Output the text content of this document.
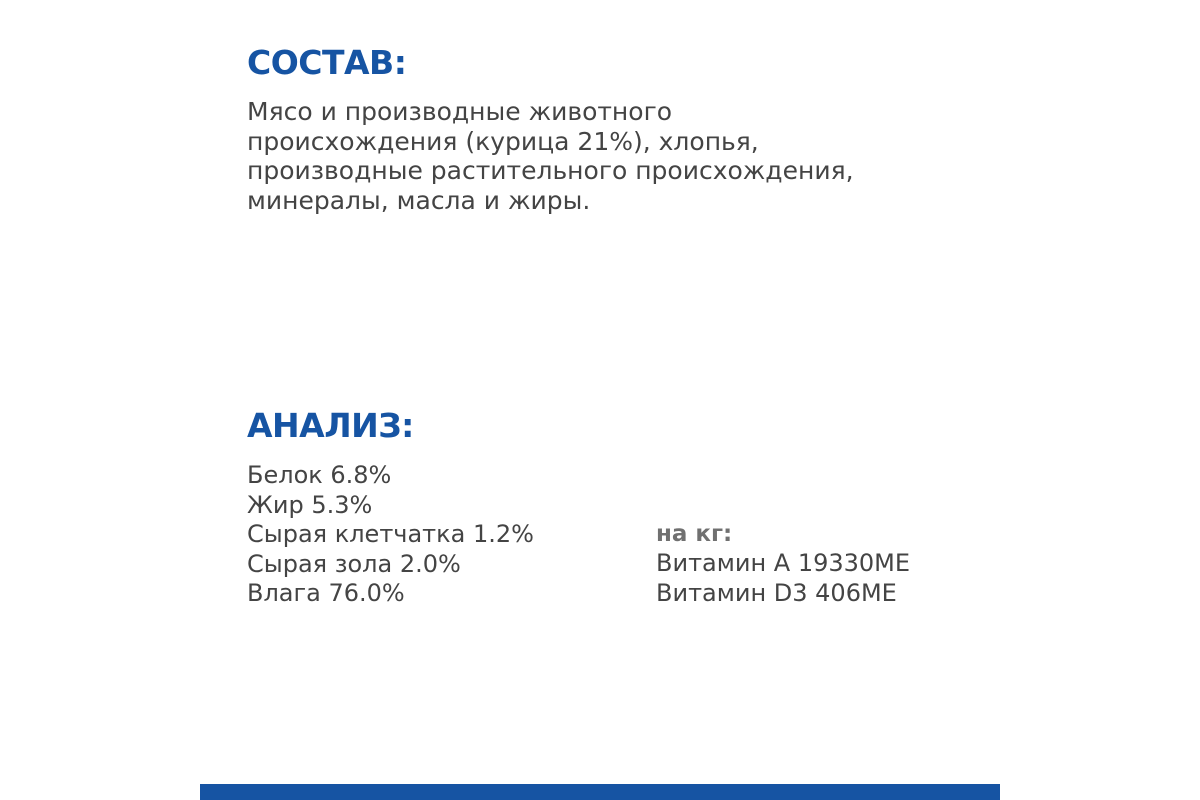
СОСТАВ:

Мясо и производные животного
происхождения (курица 21%), хлопья,
производные растительного происхождения,
минералы, масла и жиры.

АНАЛИЗ:
Белок 6.8%
Жир 5.3%
Сырая клетчатка 1.2%
Сырая зола 2.0%
Влага 76.0%

на кг:

Витамин А 19330МЕ
Витамин D3 406МЕ
